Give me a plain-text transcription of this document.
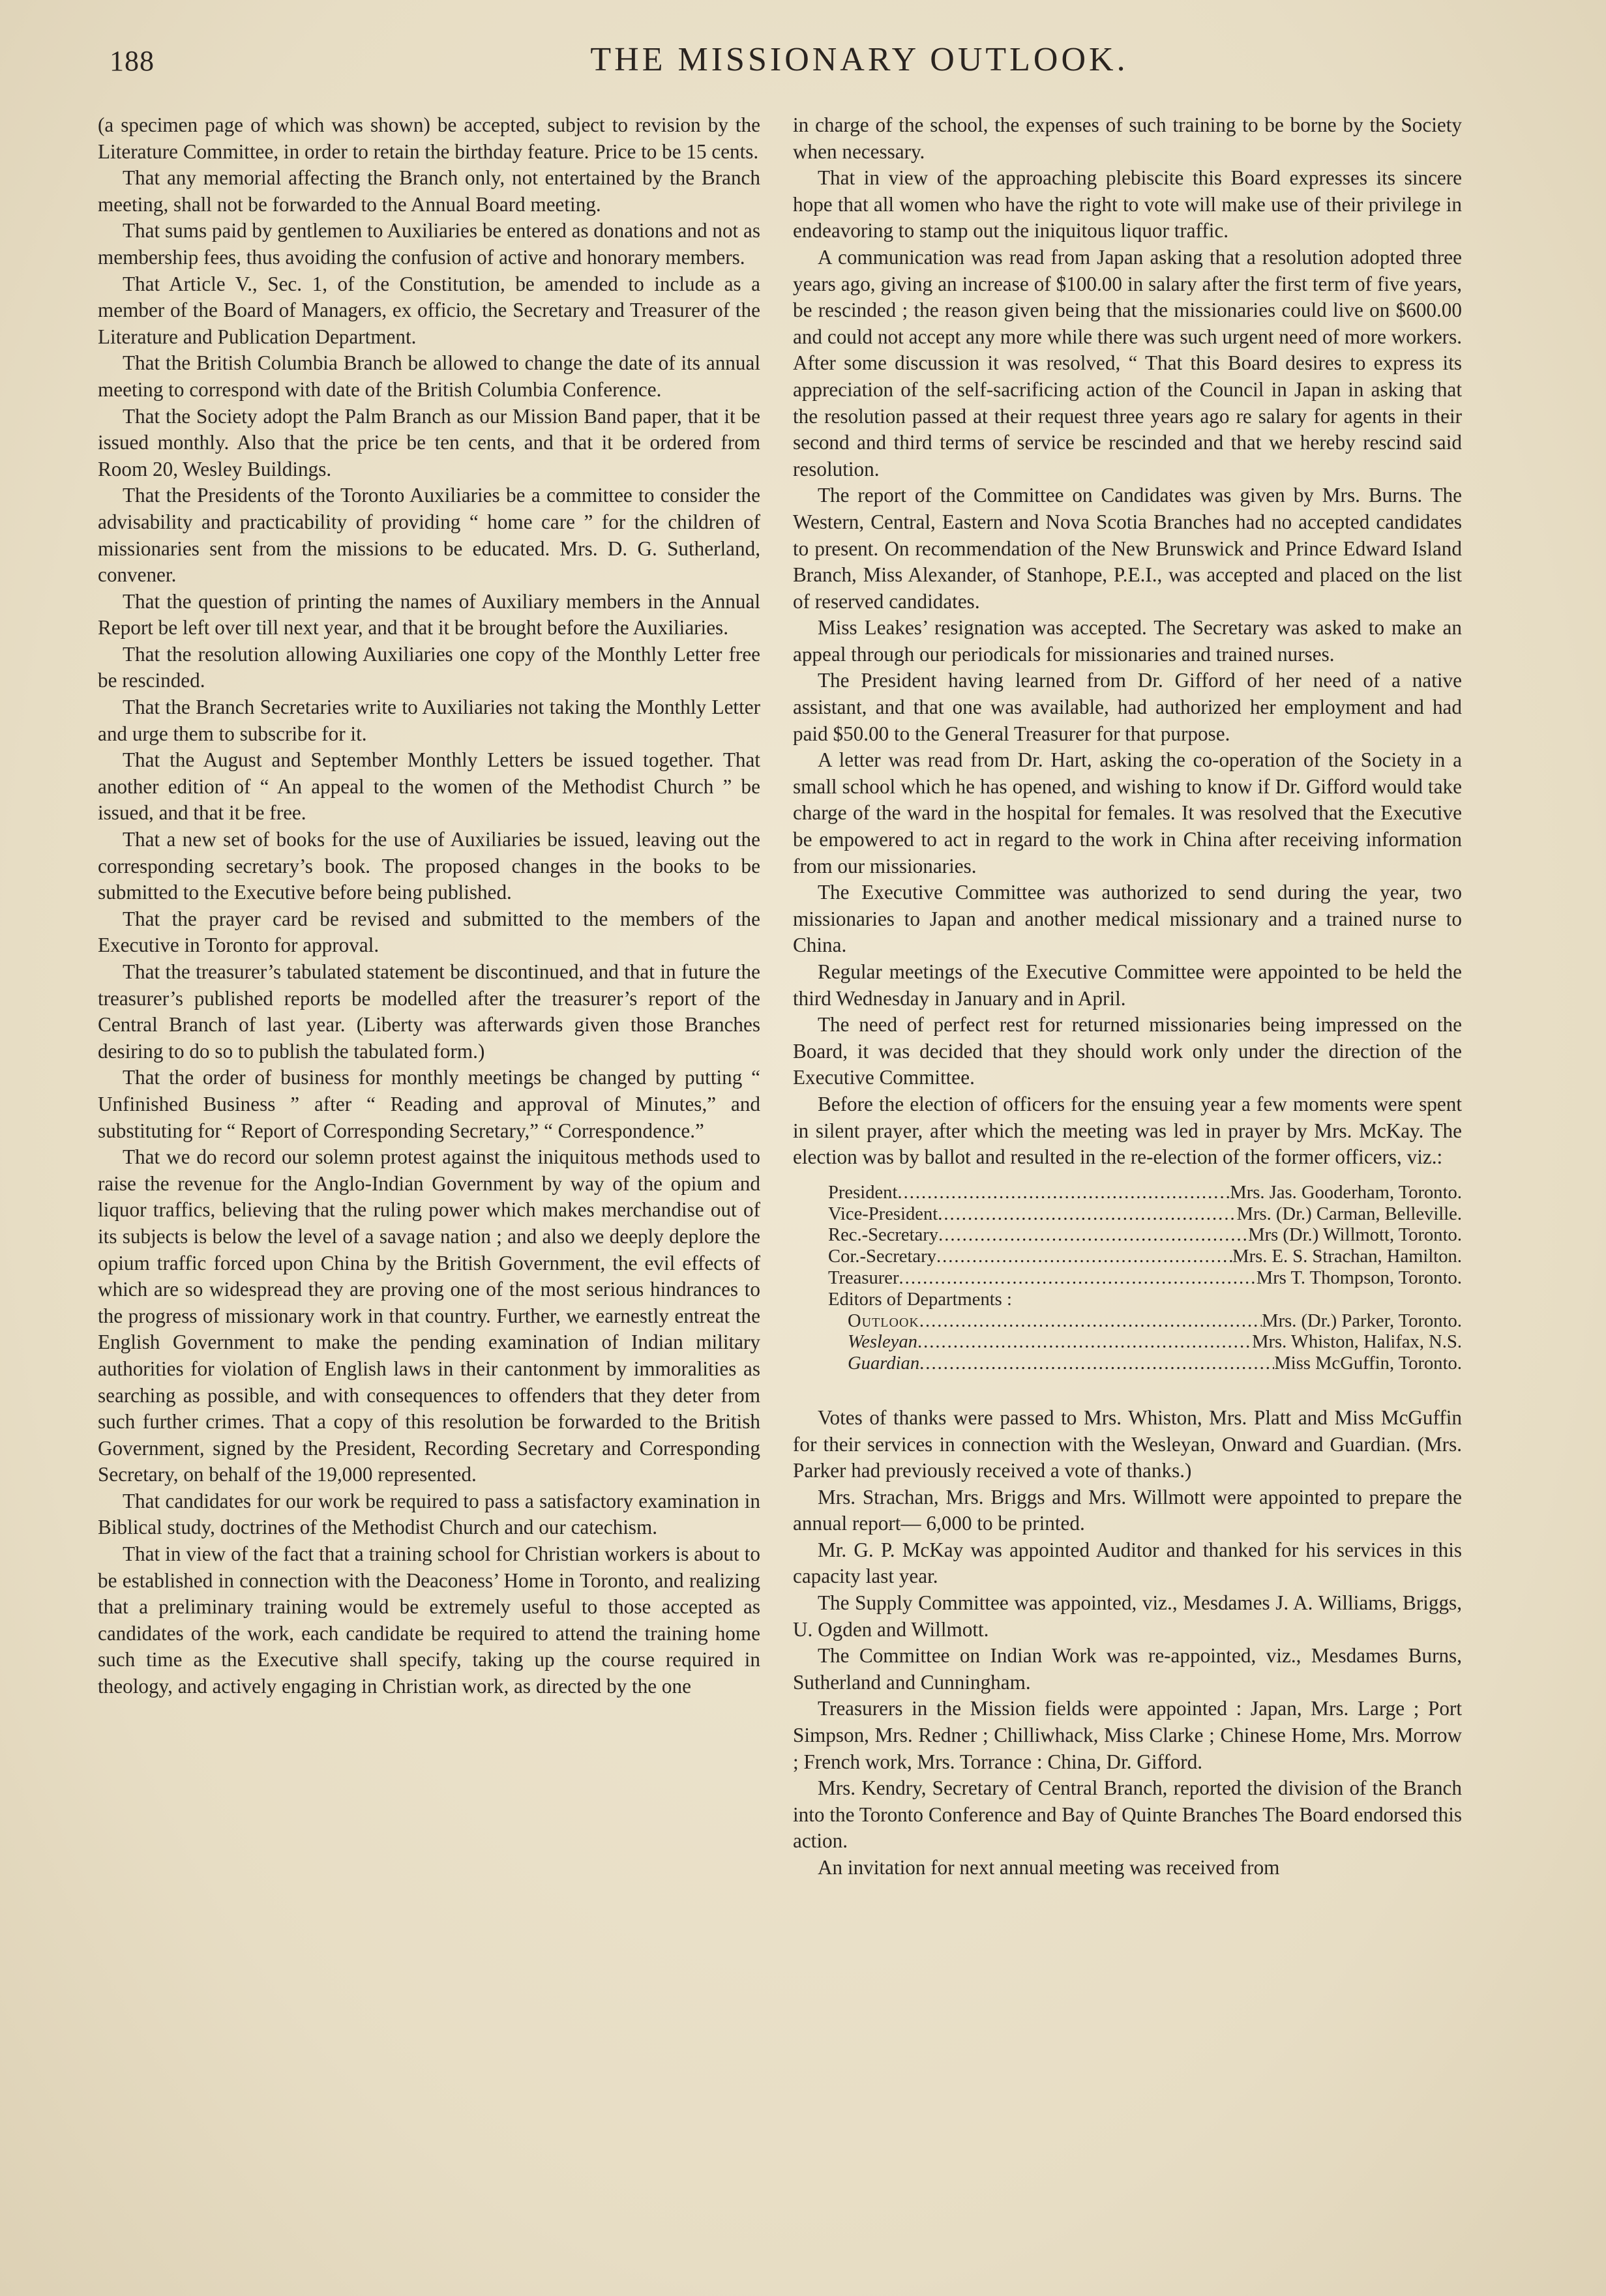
188	THE MISSIONARY OUTLOOK.

(a specimen page of which was shown) be accepted, subject to revision by the Literature Committee, in order to retain the birthday feature. Price to be 15 cents.

That any memorial affecting the Branch only, not entertained by the Branch meeting, shall not be forwarded to the Annual Board meeting.

That sums paid by gentlemen to Auxiliaries be entered as donations and not as membership fees, thus avoiding the confusion of active and honorary members.

That Article V., Sec. 1, of the Constitution, be amended to include as a member of the Board of Managers, ex officio, the Secretary and Treasurer of the Literature and Publication Department.

That the British Columbia Branch be allowed to change the date of its annual meeting to correspond with date of the British Columbia Conference.

That the Society adopt the Palm Branch as our Mission Band paper, that it be issued monthly. Also that the price be ten cents, and that it be ordered from Room 20, Wesley Buildings.

That the Presidents of the Toronto Auxiliaries be a committee to consider the advisability and practicability of providing “ home care ” for the children of missionaries sent from the missions to be educated. Mrs. D. G. Sutherland, convener.

That the question of printing the names of Auxiliary members in the Annual Report be left over till next year, and that it be brought before the Auxiliaries.

That the resolution allowing Auxiliaries one copy of the Monthly Letter free be rescinded.

That the Branch Secretaries write to Auxiliaries not taking the Monthly Letter and urge them to subscribe for it.

That the August and September Monthly Letters be issued together. That another edition of “ An appeal to the women of the Methodist Church ” be issued, and that it be free.

That a new set of books for the use of Auxiliaries be issued, leaving out the corresponding secretary’s book. The proposed changes in the books to be submitted to the Executive before being published.

That the prayer card be revised and submitted to the members of the Executive in Toronto for approval.

That the treasurer’s tabulated statement be discontinued, and that in future the treasurer’s published reports be modelled after the treasurer’s report of the Central Branch of last year. (Liberty was afterwards given those Branches desiring to do so to publish the tabulated form.)

That the order of business for monthly meetings be changed by putting “ Unfinished Business ” after “ Reading and approval of Minutes,” and substituting for “ Report of Corresponding Secretary,” “ Correspondence.”

That we do record our solemn protest against the iniquitous methods used to raise the revenue for the Anglo-Indian Government by way of the opium and liquor traffics, believing that the ruling power which makes merchandise out of its subjects is below the level of a savage nation ; and also we deeply deplore the opium traffic forced upon China by the British Government, the evil effects of which are so widespread they are proving one of the most serious hindrances to the progress of missionary work in that country. Further, we earnestly entreat the English Government to make the pending examination of Indian military authorities for violation of English laws in their cantonment by immoralities as searching as possible, and with consequences to offenders that they deter from such further crimes. That a copy of this resolution be forwarded to the British Government, signed by the President, Recording Secretary and Corresponding Secretary, on behalf of the 19,000 represented.

That candidates for our work be required to pass a satisfactory examination in Biblical study, doctrines of the Methodist Church and our catechism.

That in view of the fact that a training school for Christian workers is about to be established in connection with the Deaconess’ Home in Toronto, and realizing that a preliminary training would be extremely useful to those accepted as candidates of the work, each candidate be required to attend the training home such time as the Executive shall specify, taking up the course required in theology, and actively engaging in Christian work, as directed by the one

in charge of the school, the expenses of such training to be borne by the Society when necessary.

That in view of the approaching plebiscite this Board expresses its sincere hope that all women who have the right to vote will make use of their privilege in endeavoring to stamp out the iniquitous liquor traffic.

A communication was read from Japan asking that a resolution adopted three years ago, giving an increase of $100.00 in salary after the first term of five years, be rescinded ; the reason given being that the missionaries could live on $600.00 and could not accept any more while there was such urgent need of more workers. After some discussion it was resolved, “ That this Board desires to express its appreciation of the self-sacrificing action of the Council in Japan in asking that the resolution passed at their request three years ago re salary for agents in their second and third terms of service be rescinded and that we hereby rescind said resolution.

The report of the Committee on Candidates was given by Mrs. Burns. The Western, Central, Eastern and Nova Scotia Branches had no accepted candidates to present. On recommendation of the New Brunswick and Prince Edward Island Branch, Miss Alexander, of Stanhope, P.E.I., was accepted and placed on the list of reserved candidates.

Miss Leakes’ resignation was accepted. The Secretary was asked to make an appeal through our periodicals for missionaries and trained nurses.

The President having learned from Dr. Gifford of her need of a native assistant, and that one was available, had authorized her employment and had paid $50.00 to the General Treasurer for that purpose.

A letter was read from Dr. Hart, asking the co-operation of the Society in a small school which he has opened, and wishing to know if Dr. Gifford would take charge of the ward in the hospital for females. It was resolved that the Executive be empowered to act in regard to the work in China after receiving information from our missionaries.

The Executive Committee was authorized to send during the year, two missionaries to Japan and another medical missionary and a trained nurse to China.

Regular meetings of the Executive Committee were appointed to be held the third Wednesday in January and in April.

The need of perfect rest for returned missionaries being impressed on the Board, it was decided that they should work only under the direction of the Executive Committee.

Before the election of officers for the ensuing year a few moments were spent in silent prayer, after which the meeting was led in prayer by Mrs. McKay. The election was by ballot and resulted in the re-election of the former officers, viz.:

President .....	Mrs. Jas. Gooderham, Toronto.
Vice-President .....	Mrs. (Dr.) Carman, Belleville.
Rec.-Secretary .....	Mrs (Dr.) Willmott, Toronto.
Cor.-Secretary .....	Mrs. E. S. Strachan, Hamilton.
Treasurer .....	Mrs T. Thompson, Toronto.
Editors of Departments :
Outlook .....	Mrs. (Dr.) Parker, Toronto.
Wesleyan .....	Mrs. Whiston, Halifax, N.S.
Guardian .....	Miss McGuffin, Toronto.

Votes of thanks were passed to Mrs. Whiston, Mrs. Platt and Miss McGuffin for their services in connection with the Wesleyan, Onward and Guardian. (Mrs. Parker had previously received a vote of thanks.)

Mrs. Strachan, Mrs. Briggs and Mrs. Willmott were appointed to prepare the annual report— 6,000 to be printed.

Mr. G. P. McKay was appointed Auditor and thanked for his services in this capacity last year.

The Supply Committee was appointed, viz., Mesdames J. A. Williams, Briggs, U. Ogden and Willmott.

The Committee on Indian Work was re-appointed, viz., Mesdames Burns, Sutherland and Cunningham.

Treasurers in the Mission fields were appointed : Japan, Mrs. Large ; Port Simpson, Mrs. Redner ; Chilliwhack, Miss Clarke ; Chinese Home, Mrs. Morrow ; French work, Mrs. Torrance : China, Dr. Gifford.

Mrs. Kendry, Secretary of Central Branch, reported the division of the Branch into the Toronto Conference and Bay of Quinte Branches The Board endorsed this action.

An invitation for next annual meeting was received from
